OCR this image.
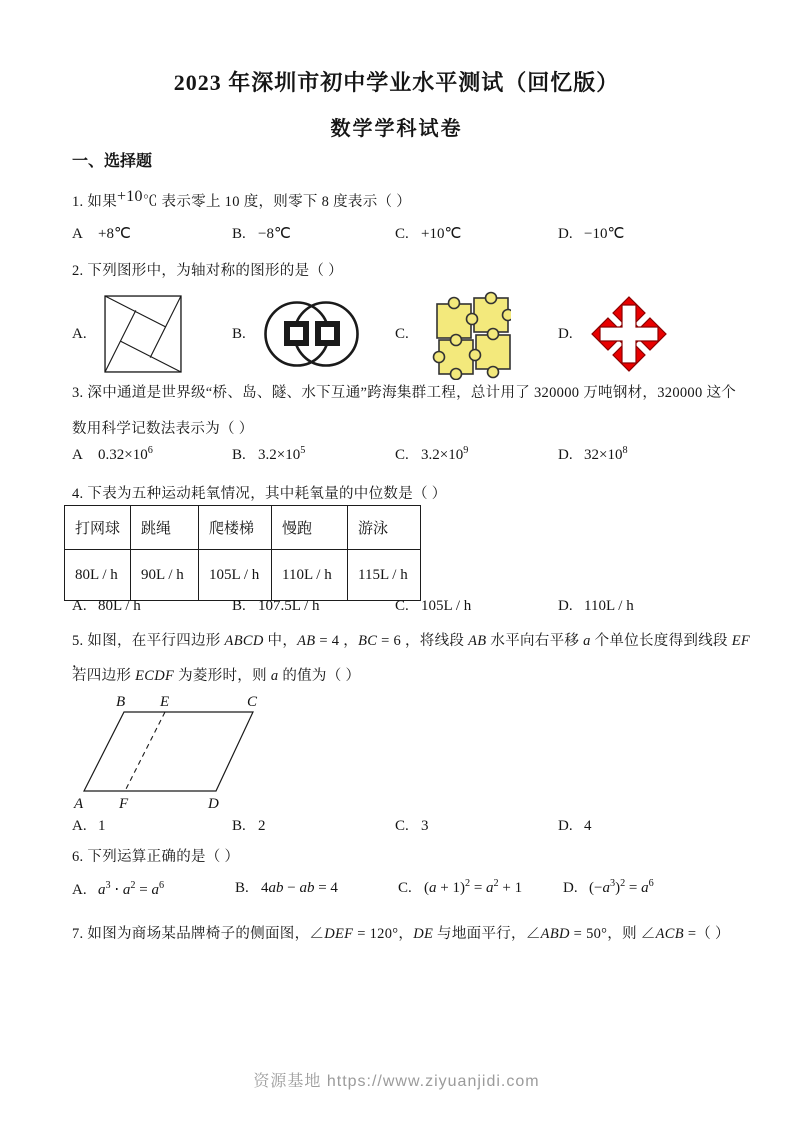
2023 年深圳市初中学业水平测试（回忆版）
数学学科试卷
一、选择题
1. 如果+10℃ 表示零上 10 度，则零下 8 度表示（ ）
A +8℃	B. −8℃	C. +10℃	D. −10℃
2. 下列图形中，为轴对称的图形的是（ ）
A.	B.	C.	D.
3. 深中通道是世界级“桥、岛、隧、水下互通”跨海集群工程，总计用了 320000 万吨钢材，320000 这个
数用科学记数法表示为（ ）
A $0.32\times 10^6$	B. $3.2\times 10^5$	C. $3.2\times 10^9$	D. $32\times 10^8$
4. 下表为五种运动耗氧情况，其中耗氧量的中位数是（ ）
打网球	跳绳	爬楼梯	慢跑	游泳
80L / h	90L / h	105L / h	110L / h	115L / h
A. 80L / h	B. 107.5L / h	C. 105L / h	D. 110L / h
5. 如图，在平行四边形 ABCD 中，AB = 4 ，BC = 6 ，将线段 AB 水平向右平移 a 个单位长度得到线段 EF ，
若四边形 ECDF 为菱形时，则 a 的值为（ ）
A
B	C
D
E
F
A. 1	B. 2	C. 3	D. 4
6. 下列运算正确的是（ ）
A. $a^3 \cdot a^2 = a^6$	B. 4ab − ab = 4	C. $(a + 1)^2 = a^2 + 1$	D. $(-a^3)^2 = a^6$
7. 如图为商场某品牌椅子的侧面图，∠DEF = 120°，DE 与地面平行，∠ABD = 50°，则 ∠ACB =（ ）
资源基地 https://www.ziyuanjidi.com
